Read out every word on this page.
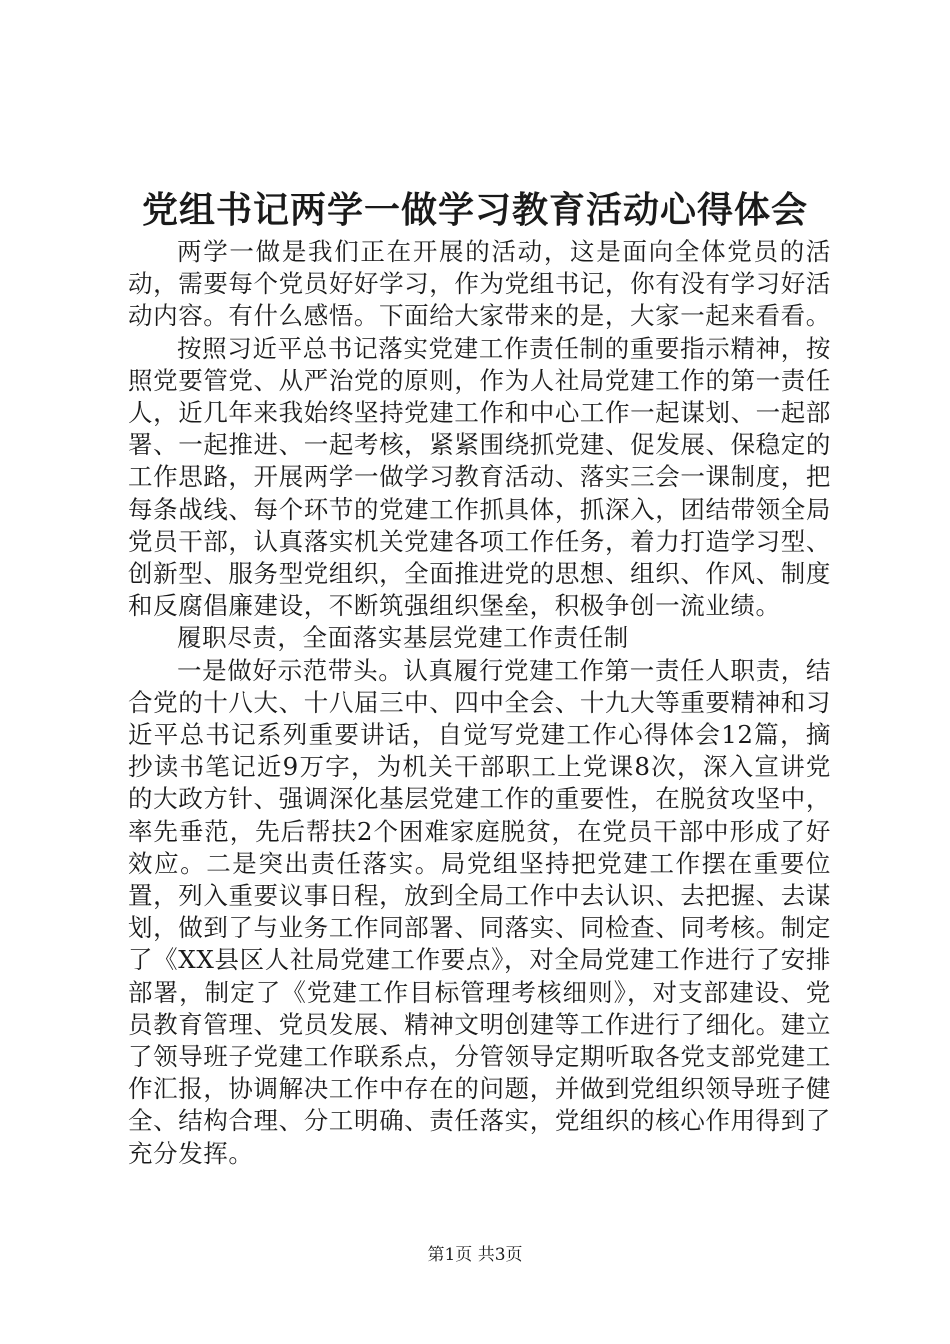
党组书记两学一做学习教育活动心得体会

两学一做是我们正在开展的活动，这是面向全体党员的活动，需要每个党员好好学习，作为党组书记，你有没有学习好活动内容。有什么感悟。下面给大家带来的是，大家一起来看看。

按照习近平总书记落实党建工作责任制的重要指示精神，按照党要管党、从严治党的原则，作为人社局党建工作的第一责任人，近几年来我始终坚持党建工作和中心工作一起谋划、一起部署、一起推进、一起考核，紧紧围绕抓党建、促发展、保稳定的工作思路，开展两学一做学习教育活动、落实三会一课制度，把每条战线、每个环节的党建工作抓具体，抓深入，团结带领全局党员干部，认真落实机关党建各项工作任务，着力打造学习型、创新型、服务型党组织，全面推进党的思想、组织、作风、制度和反腐倡廉建设，不断筑强组织堡垒，积极争创一流业绩。

履职尽责，全面落实基层党建工作责任制

一是做好示范带头。认真履行党建工作第一责任人职责，结合党的十八大、十八届三中、四中全会、十九大等重要精神和习近平总书记系列重要讲话，自觉写党建工作心得体会12篇，摘抄读书笔记近9万字，为机关干部职工上党课8次，深入宣讲党的大政方针、强调深化基层党建工作的重要性，在脱贫攻坚中，率先垂范，先后帮扶2个困难家庭脱贫，在党员干部中形成了好效应。二是突出责任落实。局党组坚持把党建工作摆在重要位置，列入重要议事日程，放到全局工作中去认识、去把握、去谋划，做到了与业务工作同部署、同落实、同检查、同考核。制定了《XX县区人社局党建工作要点》，对全局党建工作进行了安排部署，制定了《党建工作目标管理考核细则》，对支部建设、党员教育管理、党员发展、精神文明创建等工作进行了细化。建立了领导班子党建工作联系点，分管领导定期听取各党支部党建工作汇报，协调解决工作中存在的问题，并做到党组织领导班子健全、结构合理、分工明确、责任落实，党组织的核心作用得到了充分发挥。

第1页 共3页
